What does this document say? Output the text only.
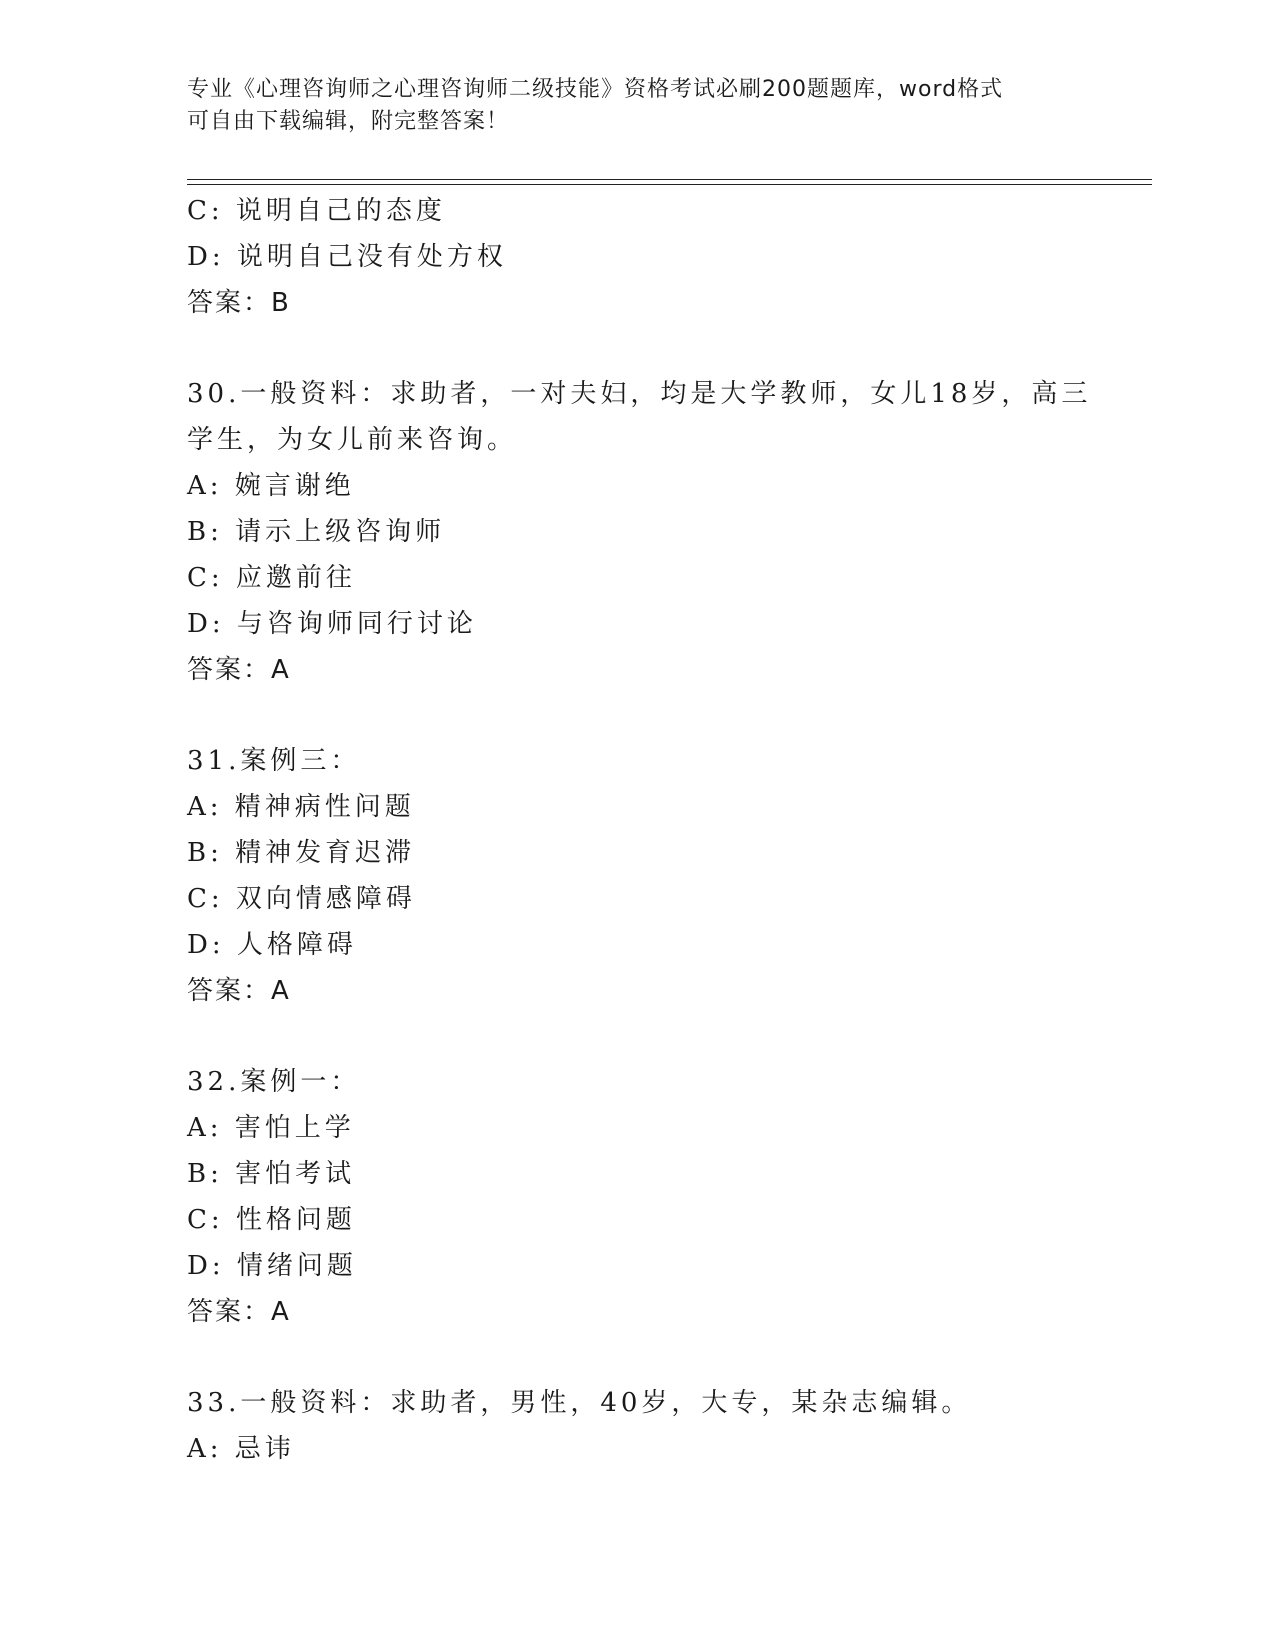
专业《心理咨询师之心理咨询师二级技能》资格考试必刷200题题库，word格式
可自由下载编辑，附完整答案！
C: 说明自己的态度
D: 说明自己没有处方权
答案：B
30.一般资料：求助者，一对夫妇，均是大学教师，女儿18岁，高三
学生，为女儿前来咨询。
A: 婉言谢绝
B: 请示上级咨询师
C: 应邀前往
D: 与咨询师同行讨论
答案：A
31.案例三：
A: 精神病性问题
B: 精神发育迟滞
C: 双向情感障碍
D: 人格障碍
答案：A
32.案例一：
A: 害怕上学
B: 害怕考试
C: 性格问题
D: 情绪问题
答案：A
33.一般资料：求助者，男性，40岁，大专，某杂志编辑。
A: 忌讳
